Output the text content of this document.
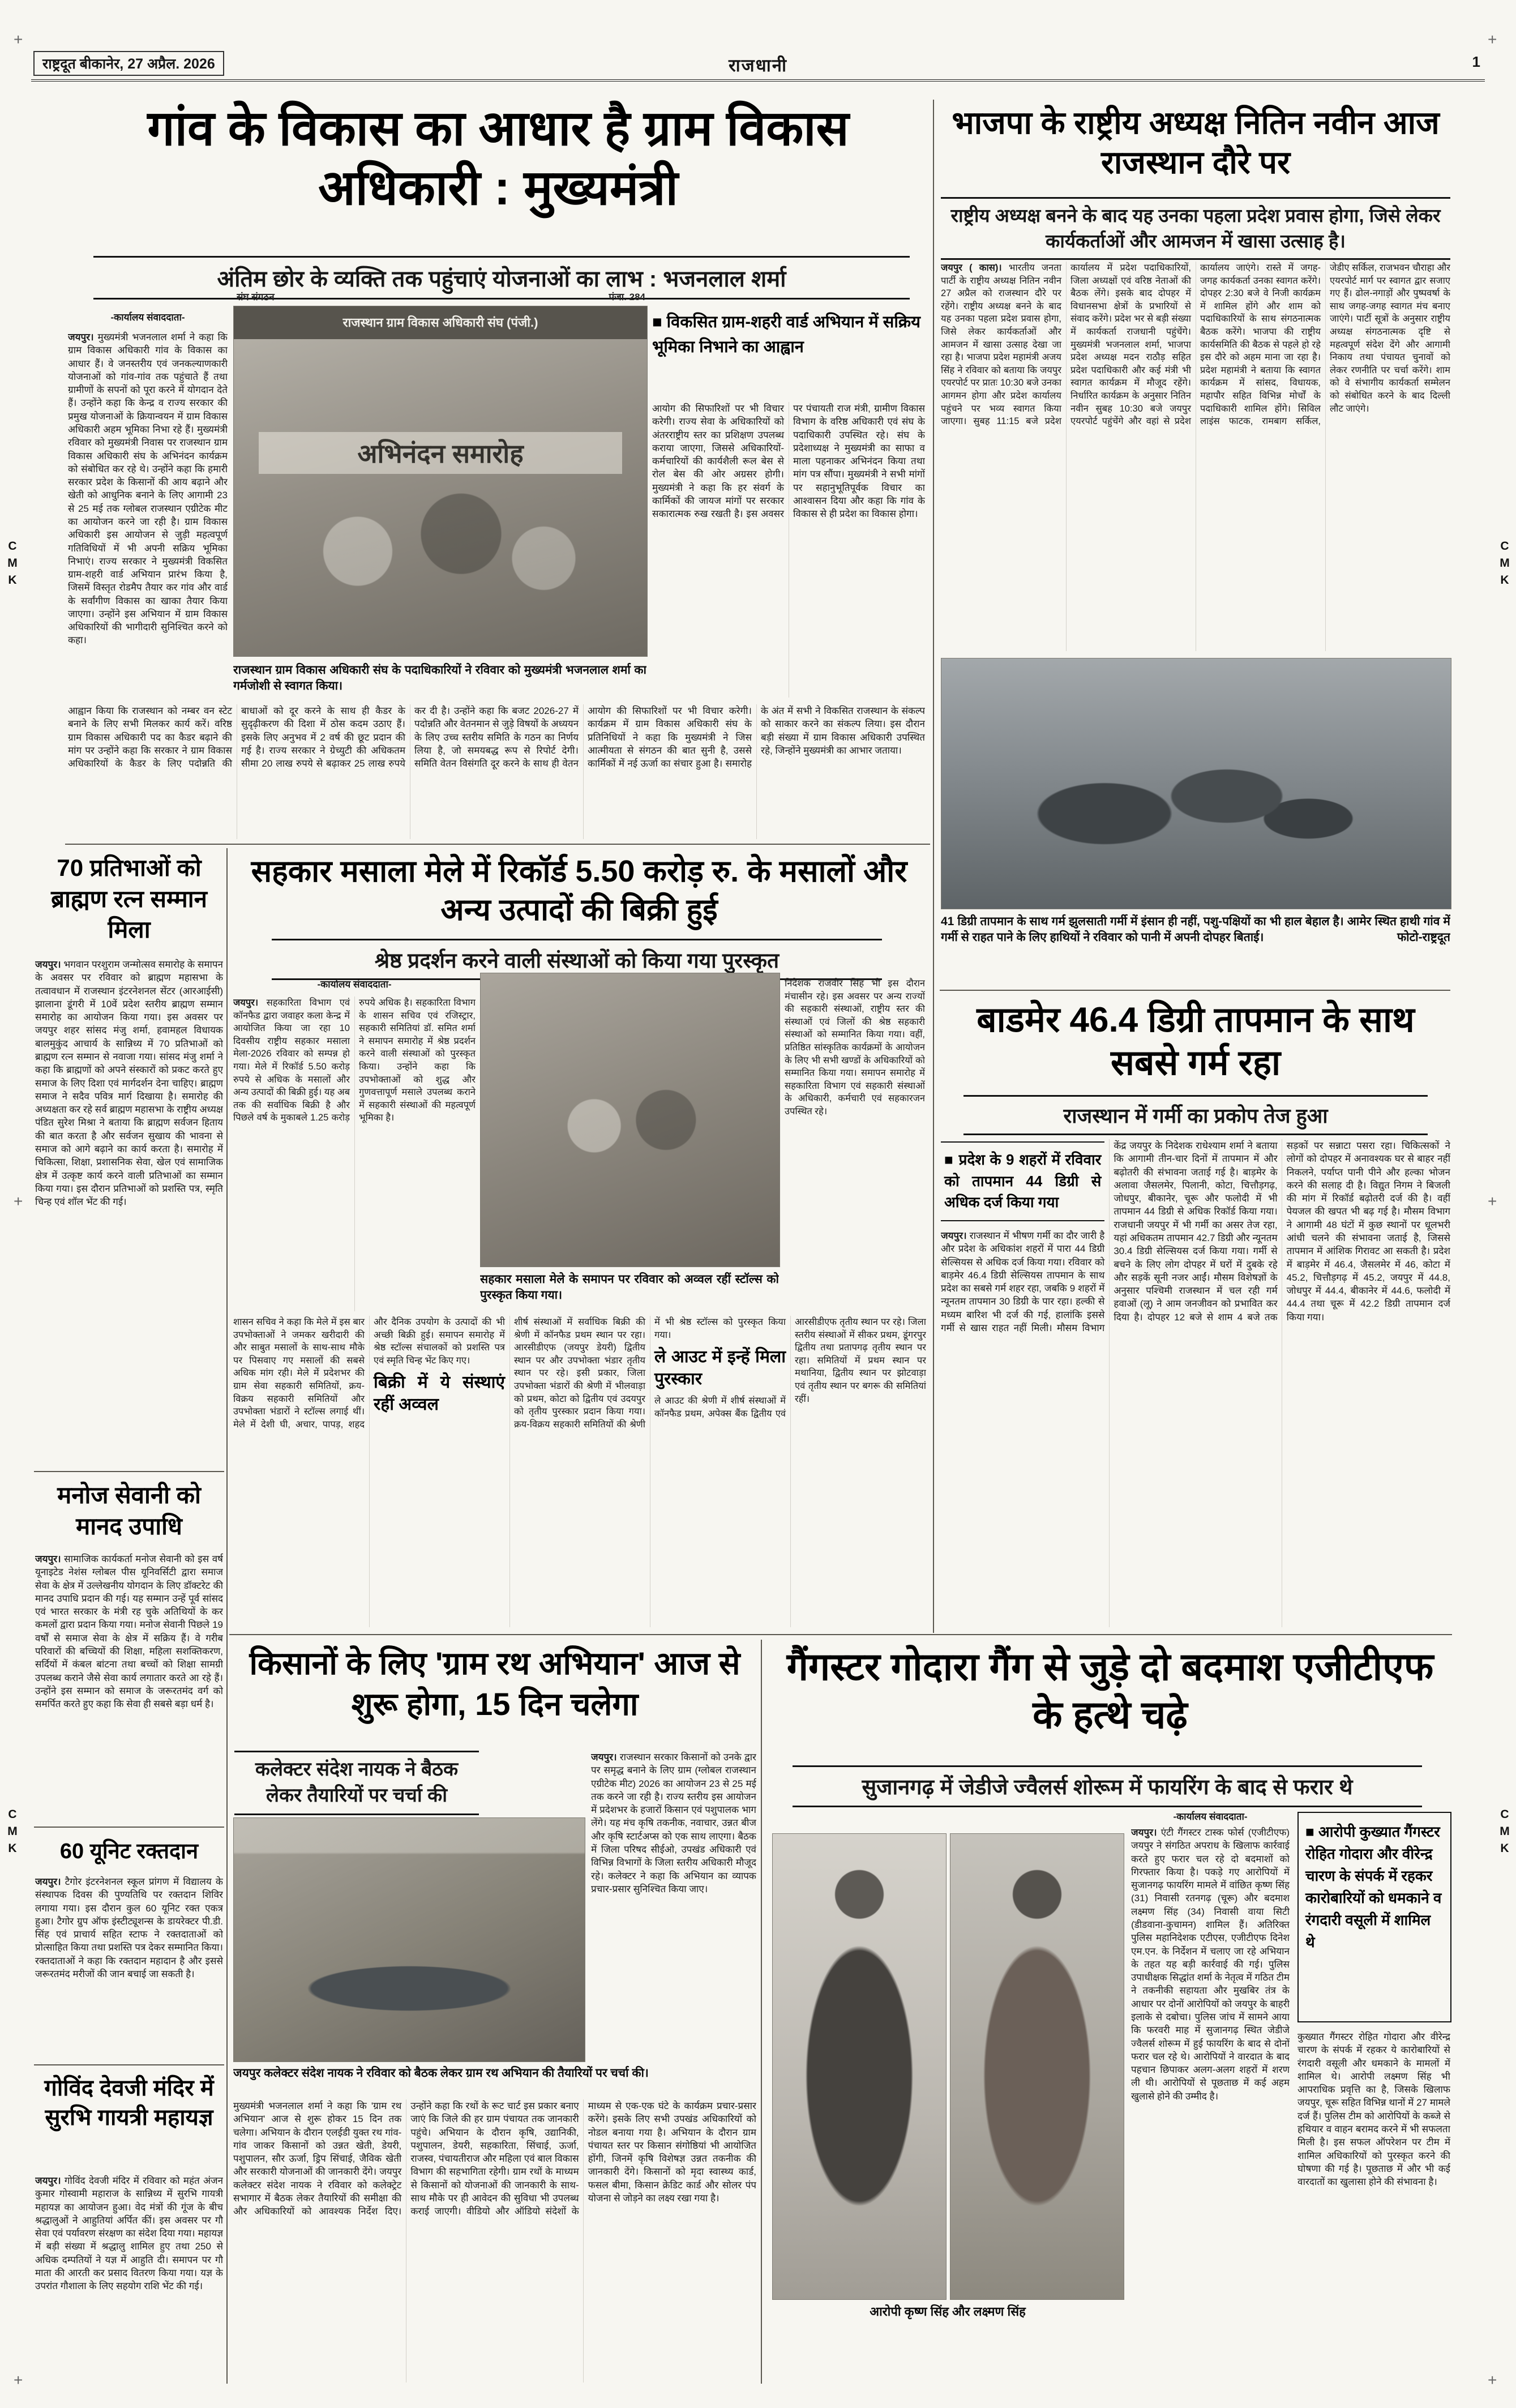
राष्ट्रदूत बीकानेर, 27 अप्रैल. 2026	राजधानी	1
+	+
+	+
+	+
C
M
K
C
M
K
C
M
K
C
M
K
गांव के विकास का आधार है ग्राम विकास अधिकारी : मुख्यमंत्री
अंतिम छोर के व्यक्ति तक पहुंचाएं योजनाओं का लाभ : भजनलाल शर्मा
-कार्यालय संवाददाता-

जयपुर। मुख्यमंत्री भजनलाल शर्मा ने कहा कि ग्राम विकास अधिकारी गांव के विकास का आधार हैं। वे जनस्तरीय एवं जनकल्याणकारी योजनाओं को गांव-गांव तक पहुंचाते हैं तथा ग्रामीणों के सपनों को पूरा करने में योगदान देते हैं। उन्होंने कहा कि केन्द्र व राज्य सरकार की प्रमुख योजनाओं के क्रियान्वयन में ग्राम विकास अधिकारी अहम भूमिका निभा रहे हैं। मुख्यमंत्री रविवार को मुख्यमंत्री निवास पर राजस्थान ग्राम विकास अधिकारी संघ के अभिनंदन कार्यक्रम को संबोधित कर रहे थे। उन्होंने कहा कि हमारी सरकार प्रदेश के किसानों की आय बढ़ाने और खेती को आधुनिक बनाने के लिए आगामी 23 से 25 मई तक ग्लोबल राजस्थान एग्रीटेक मीट का आयोजन करने जा रही है। ग्राम विकास अधिकारी इस आयोजन से जुड़ी महत्वपूर्ण गतिविधियों में भी अपनी सक्रिय भूमिका निभाएं। राज्य सरकार ने मुख्यमंत्री विकसित ग्राम-शहरी वार्ड अभियान प्रारंभ किया है, जिसमें विस्तृत रोडमैप तैयार कर गांव और वार्ड के सर्वांगीण विकास का खाका तैयार किया जाएगा। उन्होंने इस अभियान में ग्राम विकास अधिकारियों की भागीदारी सुनिश्चित करने को कहा।

संघ संगठन	पंजा. 284
राजस्थान ग्राम विकास अधिकारी संघ (पंजी.)
अभिनंदन समारोह
राजस्थान ग्राम विकास अधिकारी संघ के पदाधिकारियों ने रविवार को मुख्यमंत्री भजनलाल शर्मा का गर्मजोशी से स्वागत किया।
■ विकसित ग्राम-शहरी वार्ड अभियान में सक्रिय भूमिका निभाने का आह्वान

आयोग की सिफारिशों पर भी विचार करेगी। राज्य सेवा के अधिकारियों को अंतरराष्ट्रीय स्तर का प्रशिक्षण उपलब्ध कराया जाएगा, जिससे अधिकारियों-कर्मचारियों की कार्यशैली रूल बेस से रोल बेस की ओर अग्रसर होगी। मुख्यमंत्री ने कहा कि हर संवर्ग के कार्मिकों की जायज मांगों पर सरकार सकारात्मक रुख रखती है। इस अवसर पर पंचायती राज मंत्री, ग्रामीण विकास विभाग के वरिष्ठ अधिकारी एवं संघ के पदाधिकारी उपस्थित रहे। संघ के प्रदेशाध्यक्ष ने मुख्यमंत्री का साफा व माला पहनाकर अभिनंदन किया तथा मांग पत्र सौंपा। मुख्यमंत्री ने सभी मांगों पर सहानुभूतिपूर्वक विचार का आश्वासन दिया और कहा कि गांव के विकास से ही प्रदेश का विकास होगा।

आह्वान किया कि राजस्थान को नम्बर वन स्टेट बनाने के लिए सभी मिलकर कार्य करें। वरिष्ठ ग्राम विकास अधिकारी पद का कैडर बढ़ाने की मांग पर उन्होंने कहा कि सरकार ने ग्राम विकास अधिकारियों के कैडर के लिए पदोन्नति की बाधाओं को दूर करने के साथ ही कैडर के सुदृढ़ीकरण की दिशा में ठोस कदम उठाए हैं। इसके लिए अनुभव में 2 वर्ष की छूट प्रदान की गई है। राज्य सरकार ने ग्रेच्युटी की अधिकतम सीमा 20 लाख रुपये से बढ़ाकर 25 लाख रुपये कर दी है। उन्होंने कहा कि बजट 2026-27 में पदोन्नति और वेतनमान से जुड़े विषयों के अध्ययन के लिए उच्च स्तरीय समिति के गठन का निर्णय लिया है, जो समयबद्ध रूप से रिपोर्ट देगी। समिति वेतन विसंगति दूर करने के साथ ही वेतन आयोग की सिफारिशों पर भी विचार करेगी। कार्यक्रम में ग्राम विकास अधिकारी संघ के प्रतिनिधियों ने कहा कि मुख्यमंत्री ने जिस आत्मीयता से संगठन की बात सुनी है, उससे कार्मिकों में नई ऊर्जा का संचार हुआ है। समारोह के अंत में सभी ने विकसित राजस्थान के संकल्प को साकार करने का संकल्प लिया। इस दौरान बड़ी संख्या में ग्राम विकास अधिकारी उपस्थित रहे, जिन्होंने मुख्यमंत्री का आभार जताया।

भाजपा के राष्ट्रीय अध्यक्ष नितिन नवीन आज राजस्थान दौरे पर
राष्ट्रीय अध्यक्ष बनने के बाद यह उनका पहला प्रदेश प्रवास होगा, जिसे लेकर कार्यकर्ताओं और आमजन में खासा उत्साह है।

जयपुर ( कास)। भारतीय जनता पार्टी के राष्ट्रीय अध्यक्ष नितिन नवीन 27 अप्रैल को राजस्थान दौरे पर रहेंगे। राष्ट्रीय अध्यक्ष बनने के बाद यह उनका पहला प्रदेश प्रवास होगा, जिसे लेकर कार्यकर्ताओं और आमजन में खासा उत्साह देखा जा रहा है। भाजपा प्रदेश महामंत्री अजय सिंह ने रविवार को बताया कि जयपुर एयरपोर्ट पर प्रातः 10:30 बजे उनका आगमन होगा और प्रदेश कार्यालय पहुंचने पर भव्य स्वागत किया जाएगा। सुबह 11:15 बजे प्रदेश कार्यालय में प्रदेश पदाधिकारियों, जिला अध्यक्षों एवं वरिष्ठ नेताओं की बैठक लेंगे। इसके बाद दोपहर में विधानसभा क्षेत्रों के प्रभारियों से संवाद करेंगे। प्रदेश भर से बड़ी संख्या में कार्यकर्ता राजधानी पहुंचेंगे। मुख्यमंत्री भजनलाल शर्मा, भाजपा प्रदेश अध्यक्ष मदन राठौड़ सहित प्रदेश पदाधिकारी और कई मंत्री भी स्वागत कार्यक्रम में मौजूद रहेंगे। निर्धारित कार्यक्रम के अनुसार नितिन नवीन सुबह 10:30 बजे जयपुर एयरपोर्ट पहुंचेंगे और वहां से प्रदेश कार्यालय जाएंगे। रास्ते में जगह-जगह कार्यकर्ता उनका स्वागत करेंगे। दोपहर 2:30 बजे वे निजी कार्यक्रम में शामिल होंगे और शाम को पदाधिकारियों के साथ संगठनात्मक बैठक करेंगे। भाजपा की राष्ट्रीय कार्यसमिति की बैठक से पहले हो रहे इस दौरे को अहम माना जा रहा है। प्रदेश महामंत्री ने बताया कि स्वागत कार्यक्रम में सांसद, विधायक, महापौर सहित विभिन्न मोर्चों के पदाधिकारी शामिल होंगे। सिविल लाइंस फाटक, रामबाग सर्किल, जेडीए सर्किल, राजभवन चौराहा और एयरपोर्ट मार्ग पर स्वागत द्वार सजाए गए हैं। ढोल-नगाड़ों और पुष्पवर्षा के साथ जगह-जगह स्वागत मंच बनाए जाएंगे। पार्टी सूत्रों के अनुसार राष्ट्रीय अध्यक्ष संगठनात्मक दृष्टि से महत्वपूर्ण संदेश देंगे और आगामी निकाय तथा पंचायत चुनावों को लेकर रणनीति पर चर्चा करेंगे। शाम को वे संभागीय कार्यकर्ता सम्मेलन को संबोधित करने के बाद दिल्ली लौट जाएंगे।

41 डिग्री तापमान के साथ गर्म झुलसाती गर्मी में इंसान ही नहीं, पशु-पक्षियों का भी हाल बेहाल है। आमेर स्थित हाथी गांव में गर्मी से राहत पाने के लिए हाथियों ने रविवार को पानी में अपनी दोपहर बिताई।	फोटो-राष्ट्रदूत
बाडमेर 46.4 डिग्री तापमान के साथ सबसे गर्म रहा
राजस्थान में गर्मी का प्रकोप तेज हुआ
■ प्रदेश के 9 शहरों में रविवार को तापमान 44 डिग्री से अधिक दर्ज किया गया

जयपुर। राजस्थान में भीषण गर्मी का दौर जारी है और प्रदेश के अधिकांश शहरों में पारा 44 डिग्री सेल्सियस से अधिक दर्ज किया गया। रविवार को बाड़मेर 46.4 डिग्री सेल्सियस तापमान के साथ प्रदेश का सबसे गर्म शहर रहा, जबकि 9 शहरों में न्यूनतम तापमान 30 डिग्री के पार रहा। हल्की से मध्यम बारिश भी दर्ज की गई, हालांकि इससे गर्मी से खास राहत नहीं मिली। मौसम विभाग केंद्र जयपुर के निदेशक राधेश्याम शर्मा ने बताया कि आगामी तीन-चार दिनों में तापमान में और बढ़ोतरी की संभावना जताई गई है। बाड़मेर के अलावा जैसलमेर, पिलानी, कोटा, चित्तौड़गढ़, जोधपुर, बीकानेर, चूरू और फलोदी में भी तापमान 44 डिग्री से अधिक रिकॉर्ड किया गया। राजधानी जयपुर में भी गर्मी का असर तेज रहा, यहां अधिकतम तापमान 42.7 डिग्री और न्यूनतम 30.4 डिग्री सेल्सियस दर्ज किया गया। गर्मी से बचने के लिए लोग दोपहर में घरों में दुबके रहे और सड़कें सूनी नजर आईं। मौसम विशेषज्ञों के अनुसार पश्चिमी राजस्थान में चल रही गर्म हवाओं (लू) ने आम जनजीवन को प्रभावित कर दिया है। दोपहर 12 बजे से शाम 4 बजे तक सड़कों पर सन्नाटा पसरा रहा। चिकित्सकों ने लोगों को दोपहर में अनावश्यक घर से बाहर नहीं निकलने, पर्याप्त पानी पीने और हल्का भोजन करने की सलाह दी है। विद्युत निगम ने बिजली की मांग में रिकॉर्ड बढ़ोतरी दर्ज की है। वहीं पेयजल की खपत भी बढ़ गई है। मौसम विभाग ने आगामी 48 घंटों में कुछ स्थानों पर धूलभरी आंधी चलने की संभावना जताई है, जिससे तापमान में आंशिक गिरावट आ सकती है। प्रदेश में बाड़मेर में 46.4, जैसलमेर में 46, कोटा में 45.2, चित्तौड़गढ़ में 45.2, जयपुर में 44.8, जोधपुर में 44.4, बीकानेर में 44.6, फलोदी में 44.4 तथा चूरू में 42.2 डिग्री तापमान दर्ज किया गया।

सहकार मसाला मेले में रिकॉर्ड 5.50 करोड़ रु. के मसालों और अन्य उत्पादों की बिक्री हुई
श्रेष्ठ प्रदर्शन करने वाली संस्थाओं को किया गया पुरस्कृत
-कार्यालय संवाददाता-

जयपुर। सहकारिता विभाग एवं कॉनफैड द्वारा जवाहर कला केन्द्र में आयोजित किया जा रहा 10 दिवसीय राष्ट्रीय सहकार मसाला मेला-2026 रविवार को सम्पन्न हो गया। मेले में रिकॉर्ड 5.50 करोड़ रुपये से अधिक के मसालों और अन्य उत्पादों की बिक्री हुई। यह अब तक की सर्वाधिक बिक्री है और पिछले वर्ष के मुकाबले 1.25 करोड़ रुपये अधिक है। सहकारिता विभाग के शासन सचिव एवं रजिस्ट्रार, सहकारी समितियां डॉ. समित शर्मा ने समापन समारोह में श्रेष्ठ प्रदर्शन करने वाली संस्थाओं को पुरस्कृत किया। उन्होंने कहा कि उपभोक्ताओं को शुद्ध और गुणवत्तापूर्ण मसाले उपलब्ध कराने में सहकारी संस्थाओं की महत्वपूर्ण भूमिका है।

निदेशक राजवीर सिंह भी इस दौरान मंचासीन रहे। इस अवसर पर अन्य राज्यों की सहकारी संस्थाओं, राष्ट्रीय स्तर की संस्थाओं एवं जिलों की श्रेष्ठ सहकारी संस्थाओं को सम्मानित किया गया। वहीं, प्रतिष्ठित सांस्कृतिक कार्यक्रमों के आयोजन के लिए भी सभी खण्डों के अधिकारियों को सम्मानित किया गया। समापन समारोह में सहकारिता विभाग एवं सहकारी संस्थाओं के अधिकारी, कर्मचारी एवं सहकारजन उपस्थित रहे।

सहकार मसाला मेले के समापन पर रविवार को अव्वल रहीं स्टॉल्स को पुरस्कृत किया गया।

शासन सचिव ने कहा कि मेले में इस बार उपभोक्ताओं ने जमकर खरीदारी की और साबुत मसालों के साथ-साथ मौके पर पिसवाए गए मसालों की सबसे अधिक मांग रही। मेले में प्रदेशभर की ग्राम सेवा सहकारी समितियों, क्रय-विक्रय सहकारी समितियों और उपभोक्ता भंडारों ने स्टॉल्स लगाई थीं। मेले में देशी घी, अचार, पापड़, शहद और दैनिक उपयोग के उत्पादों की भी अच्छी बिक्री हुई। समापन समारोह में श्रेष्ठ स्टॉल्स संचालकों को प्रशस्ति पत्र एवं स्मृति चिन्ह भेंट किए गए।

बिक्री में ये संस्थाएं रहीं अव्वल

शीर्ष संस्थाओं में सर्वाधिक बिक्री की श्रेणी में कॉनफैड प्रथम स्थान पर रहा। आरसीडीएफ (जयपुर डेयरी) द्वितीय स्थान पर और उपभोक्ता भंडार तृतीय स्थान पर रहे। इसी प्रकार, जिला उपभोक्ता भंडारों की श्रेणी में भीलवाड़ा को प्रथम, कोटा को द्वितीय एवं उदयपुर को तृतीय पुरस्कार प्रदान किया गया। क्रय-विक्रय सहकारी समितियों की श्रेणी में भी श्रेष्ठ स्टॉल्स को पुरस्कृत किया गया।

ले आउट में इन्हें मिला पुरस्कार

ले आउट की श्रेणी में शीर्ष संस्थाओं में कॉनफैड प्रथम, अपेक्स बैंक द्वितीय एवं आरसीडीएफ तृतीय स्थान पर रहे। जिला स्तरीय संस्थाओं में सीकर प्रथम, डूंगरपुर द्वितीय तथा प्रतापगढ़ तृतीय स्थान पर रहा। समितियों में प्रथम स्थान पर मथानिया, द्वितीय स्थान पर झोटवाड़ा एवं तृतीय स्थान पर बगरू की समितियां रहीं।

70 प्रतिभाओं को ब्राह्मण रत्न सम्मान मिला

जयपुर। भगवान परशुराम जन्मोत्सव समारोह के समापन के अवसर पर रविवार को ब्राह्मण महासभा के तत्वावधान में राजस्थान इंटरनेशनल सेंटर (आरआईसी) झालाना डूंगरी में 10वें प्रदेश स्तरीय ब्राह्मण सम्मान समारोह का आयोजन किया गया। इस अवसर पर जयपुर शहर सांसद मंजु शर्मा, हवामहल विधायक बालमुकुंद आचार्य के सान्निध्य में 70 प्रतिभाओं को ब्राह्मण रत्न सम्मान से नवाजा गया। सांसद मंजु शर्मा ने कहा कि ब्राह्मणों को अपने संस्कारों को प्रकट करते हुए समाज के लिए दिशा एवं मार्गदर्शन देना चाहिए। ब्राह्मण समाज ने सदैव पवित्र मार्ग दिखाया है। समारोह की अध्यक्षता कर रहे सर्व ब्राह्मण महासभा के राष्ट्रीय अध्यक्ष पंडित सुरेश मिश्रा ने बताया कि ब्राह्मण सर्वजन हिताय की बात करता है और सर्वजन सुखाय की भावना से समाज को आगे बढ़ाने का कार्य करता है। समारोह में चिकित्सा, शिक्षा, प्रशासनिक सेवा, खेल एवं सामाजिक क्षेत्र में उत्कृष्ट कार्य करने वाली प्रतिभाओं का सम्मान किया गया। इस दौरान प्रतिभाओं को प्रशस्ति पत्र, स्मृति चिन्ह एवं शॉल भेंट की गई।

मनोज सेवानी को मानद उपाधि

जयपुर। सामाजिक कार्यकर्ता मनोज सेवानी को इस वर्ष यूनाइटेड नेशंस ग्लोबल पीस यूनिवर्सिटी द्वारा समाज सेवा के क्षेत्र में उल्लेखनीय योगदान के लिए डॉक्टरेट की मानद उपाधि प्रदान की गई। यह सम्मान उन्हें पूर्व सांसद एवं भारत सरकार के मंत्री रह चुके अतिथियों के कर कमलों द्वारा प्रदान किया गया। मनोज सेवानी पिछले 19 वर्षों से समाज सेवा के क्षेत्र में सक्रिय हैं। वे गरीब परिवारों की बच्चियों की शिक्षा, महिला सशक्तिकरण, सर्दियों में कंबल बांटना तथा बच्चों को शिक्षा सामग्री उपलब्ध कराने जैसे सेवा कार्य लगातार करते आ रहे हैं। उन्होंने इस सम्मान को समाज के जरूरतमंद वर्ग को समर्पित करते हुए कहा कि सेवा ही सबसे बड़ा धर्म है।

60 यूनिट रक्तदान

जयपुर। टैगोर इंटरनेशनल स्कूल प्रांगण में विद्यालय के संस्थापक दिवस की पुण्यतिथि पर रक्तदान शिविर लगाया गया। इस दौरान कुल 60 यूनिट रक्त एकत्र हुआ। टैगोर ग्रुप ऑफ इंस्टीट्यूशन्स के डायरेक्टर पी.डी. सिंह एवं प्राचार्य सहित स्टाफ ने रक्तदाताओं को प्रोत्साहित किया तथा प्रशस्ति पत्र देकर सम्मानित किया। रक्तदाताओं ने कहा कि रक्तदान महादान है और इससे जरूरतमंद मरीजों की जान बचाई जा सकती है।

गोविंद देवजी मंदिर में सुरभि गायत्री महायज्ञ

जयपुर। गोविंद देवजी मंदिर में रविवार को महंत अंजन कुमार गोस्वामी महाराज के सान्निध्य में सुरभि गायत्री महायज्ञ का आयोजन हुआ। वेद मंत्रों की गूंज के बीच श्रद्धालुओं ने आहुतियां अर्पित कीं। इस अवसर पर गौ सेवा एवं पर्यावरण संरक्षण का संदेश दिया गया। महायज्ञ में बड़ी संख्या में श्रद्धालु शामिल हुए तथा 250 से अधिक दम्पतियों ने यज्ञ में आहुति दी। समापन पर गौ माता की आरती कर प्रसाद वितरण किया गया। यज्ञ के उपरांत गौशाला के लिए सहयोग राशि भेंट की गई।

किसानों के लिए 'ग्राम रथ अभियान' आज से शुरू होगा, 15 दिन चलेगा
कलेक्टर संदेश नायक ने बैठक लेकर तैयारियों पर चर्चा की

जयपुर। राजस्थान सरकार किसानों को उनके द्वार पर समृद्ध बनाने के लिए ग्राम (ग्लोबल राजस्थान एग्रीटेक मीट) 2026 का आयोजन 23 से 25 मई तक करने जा रही है। राज्य स्तरीय इस आयोजन में प्रदेशभर के हजारों किसान एवं पशुपालक भाग लेंगे। यह मंच कृषि तकनीक, नवाचार, उन्नत बीज और कृषि स्टार्टअप्स को एक साथ लाएगा। बैठक में जिला परिषद सीईओ, उपखंड अधिकारी एवं विभिन्न विभागों के जिला स्तरीय अधिकारी मौजूद रहे। कलेक्टर ने कहा कि अभियान का व्यापक प्रचार-प्रसार सुनिश्चित किया जाए।

जयपुर कलेक्टर संदेश नायक ने रविवार को बैठक लेकर ग्राम रथ अभियान की तैयारियों पर चर्चा की।

मुख्यमंत्री भजनलाल शर्मा ने कहा कि 'ग्राम रथ अभियान' आज से शुरू होकर 15 दिन तक चलेगा। अभियान के दौरान एलईडी युक्त रथ गांव-गांव जाकर किसानों को उन्नत खेती, डेयरी, पशुपालन, सौर ऊर्जा, ड्रिप सिंचाई, जैविक खेती और सरकारी योजनाओं की जानकारी देंगे। जयपुर कलेक्टर संदेश नायक ने रविवार को कलेक्ट्रेट सभागार में बैठक लेकर तैयारियों की समीक्षा की और अधिकारियों को आवश्यक निर्देश दिए। उन्होंने कहा कि रथों के रूट चार्ट इस प्रकार बनाए जाएं कि जिले की हर ग्राम पंचायत तक जानकारी पहुंचे। अभियान के दौरान कृषि, उद्यानिकी, पशुपालन, डेयरी, सहकारिता, सिंचाई, ऊर्जा, राजस्व, पंचायतीराज और महिला एवं बाल विकास विभाग की सहभागिता रहेगी। ग्राम रथों के माध्यम से किसानों को योजनाओं की जानकारी के साथ-साथ मौके पर ही आवेदन की सुविधा भी उपलब्ध कराई जाएगी। वीडियो और ऑडियो संदेशों के माध्यम से एक-एक घंटे के कार्यक्रम प्रचार-प्रसार करेंगे। इसके लिए सभी उपखंड अधिकारियों को नोडल बनाया गया है। अभियान के दौरान ग्राम पंचायत स्तर पर किसान संगोष्ठियां भी आयोजित होंगी, जिनमें कृषि विशेषज्ञ उन्नत तकनीक की जानकारी देंगे। किसानों को मृदा स्वास्थ्य कार्ड, फसल बीमा, किसान क्रेडिट कार्ड और सोलर पंप योजना से जोड़ने का लक्ष्य रखा गया है।

गैंगस्टर गोदारा गैंग से जुड़े दो बदमाश एजीटीएफ के हत्थे चढ़े
सुजानगढ़ में जेडीजे ज्वैलर्स शोरूम में फायरिंग के बाद से फरार थे
आरोपी कृष्ण सिंह और लक्ष्मण सिंह
-कार्यालय संवाददाता-

जयपुर। एंटी गैंगस्टर टास्क फोर्स (एजीटीएफ) जयपुर ने संगठित अपराध के खिलाफ कार्रवाई करते हुए फरार चल रहे दो बदमाशों को गिरफ्तार किया है। पकड़े गए आरोपियों में सुजानगढ़ फायरिंग मामले में वांछित कृष्ण सिंह (31) निवासी रतनगढ़ (चूरू) और बदमाश लक्ष्मण सिंह (34) निवासी वाया सिटी (डीडवाना-कुचामन) शामिल हैं। अतिरिक्त पुलिस महानिदेशक एटीएस, एजीटीएफ दिनेश एम.एन. के निर्देशन में चलाए जा रहे अभियान के तहत यह बड़ी कार्रवाई की गई। पुलिस उपाधीक्षक सिद्धांत शर्मा के नेतृत्व में गठित टीम ने तकनीकी सहायता और मुखबिर तंत्र के आधार पर दोनों आरोपियों को जयपुर के बाहरी इलाके से दबोचा। पुलिस जांच में सामने आया कि फरवरी माह में सुजानगढ़ स्थित जेडीजे ज्वैलर्स शोरूम में हुई फायरिंग के बाद से दोनों फरार चल रहे थे। आरोपियों ने वारदात के बाद पहचान छिपाकर अलग-अलग शहरों में शरण ली थी। आरोपियों से पूछताछ में कई अहम खुलासे होने की उम्मीद है।

■ आरोपी कुख्यात गैंगस्टर रोहित गोदारा और वीरेन्द्र चारण के संपर्क में रहकर कारोबारियों को धमकाने व रंगदारी वसूली में शामिल थे

कुख्यात गैंगस्टर रोहित गोदारा और वीरेन्द्र चारण के संपर्क में रहकर ये कारोबारियों से रंगदारी वसूली और धमकाने के मामलों में शामिल थे। आरोपी लक्ष्मण सिंह भी आपराधिक प्रवृत्ति का है, जिसके खिलाफ जयपुर, चूरू सहित विभिन्न थानों में 27 मामले दर्ज हैं। पुलिस टीम को आरोपियों के कब्जे से हथियार व वाहन बरामद करने में भी सफलता मिली है। इस सफल ऑपरेशन पर टीम में शामिल अधिकारियों को पुरस्कृत करने की घोषणा की गई है। पूछताछ में और भी कई वारदातों का खुलासा होने की संभावना है।
